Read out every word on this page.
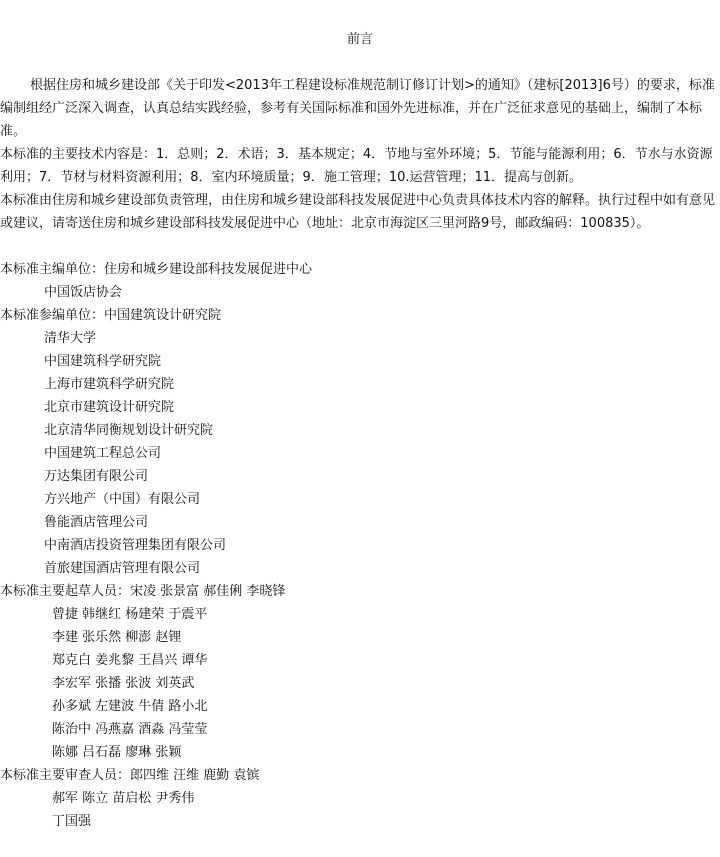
前言

根据住房和城乡建设部《关于印发<2013年工程建设标准规范制订修订计划>的通知》（建标[2013]6号）的要求，标准编制组经广泛深入调查，认真总结实践经验，参考有关国际标准和国外先进标准，并在广泛征求意见的基础上，编制了本标准。

本标准的主要技术内容是：1．总则；2．术语；3．基本规定；4．节地与室外环境；5．节能与能源利用；6．节水与水资源利用；7．节材与材料资源利用；8．室内环境质量；9．施工管理；10.运营管理；11．提高与创新。

本标准由住房和城乡建设部负责管理，由住房和城乡建设部科技发展促进中心负责具体技术内容的解释。执行过程中如有意见或建议，请寄送住房和城乡建设部科技发展促进中心（地址：北京市海淀区三里河路9号，邮政编码：100835）。

本标准主编单位：住房和城乡建设部科技发展促进中心
中国饭店协会
本标准参编单位：中国建筑设计研究院
清华大学
中国建筑科学研究院
上海市建筑科学研究院
北京市建筑设计研究院
北京清华同衡规划设计研究院
中国建筑工程总公司
万达集团有限公司
方兴地产（中国）有限公司
鲁能酒店管理公司
中南酒店投资管理集团有限公司
首旅建国酒店管理有限公司
本标准主要起草人员：宋凌 张景富 郝佳俐 李晓锋
曾捷 韩继红 杨建荣 于震平
李建 张乐然 柳澎 赵锂
郑克白 姜兆黎 王昌兴 谭华
李宏军 张播 张波 刘英武
孙多斌 左建波 牛倩 路小北
陈治中 冯燕嘉 酒淼 冯莹莹
陈娜 吕石磊 廖琳 张颖
本标准主要审查人员：郎四维 汪维 鹿勤 袁镔
郝军 陈立 苗启松 尹秀伟
丁国强
